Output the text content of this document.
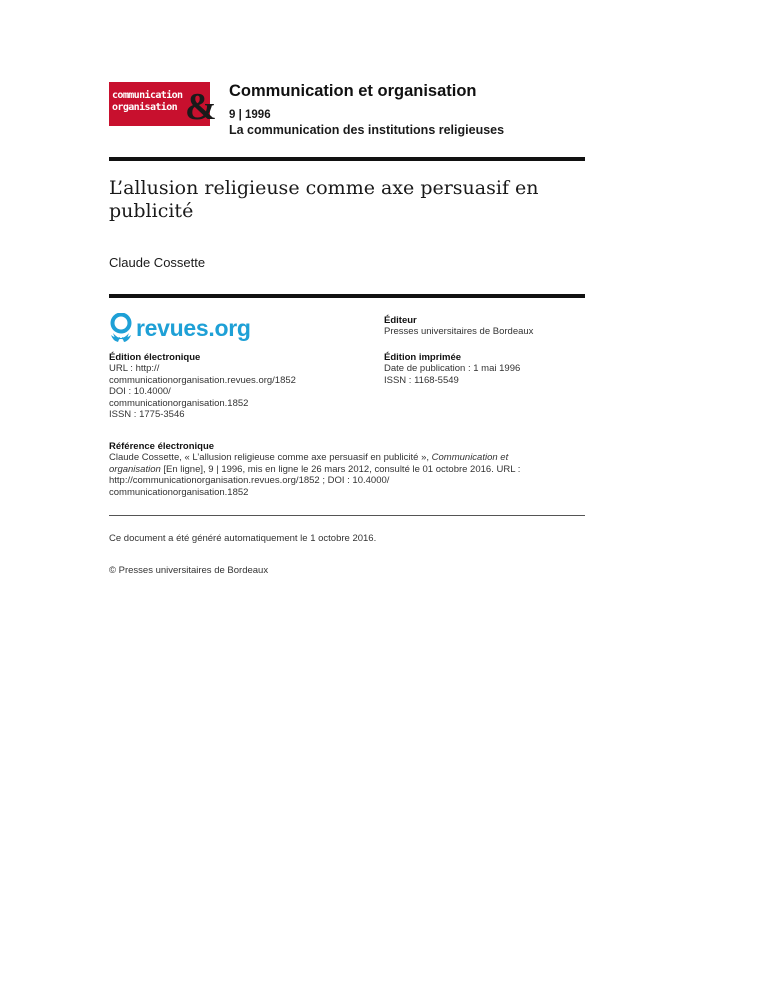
communication
organisation & Communication et organisation
9 | 1996
La communication des institutions religieuses
L’allusion religieuse comme axe persuasif en publicité
Claude Cossette
revues.org	Éditeur
Presses universitaires de Bordeaux
Édition électronique
URL : http://
communicationorganisation.revues.org/1852
DOI : 10.4000/
communicationorganisation.1852
ISSN : 1775-3546
Édition imprimée
Date de publication : 1 mai 1996
ISSN : 1168-5549
Référence électronique
Claude Cossette, « L’allusion religieuse comme axe persuasif en publicité », Communication et
organisation [En ligne], 9 | 1996, mis en ligne le 26 mars 2012, consulté le 01 octobre 2016. URL :
http://communicationorganisation.revues.org/1852 ; DOI : 10.4000/
communicationorganisation.1852
Ce document a été généré automatiquement le 1 octobre 2016.
© Presses universitaires de Bordeaux
